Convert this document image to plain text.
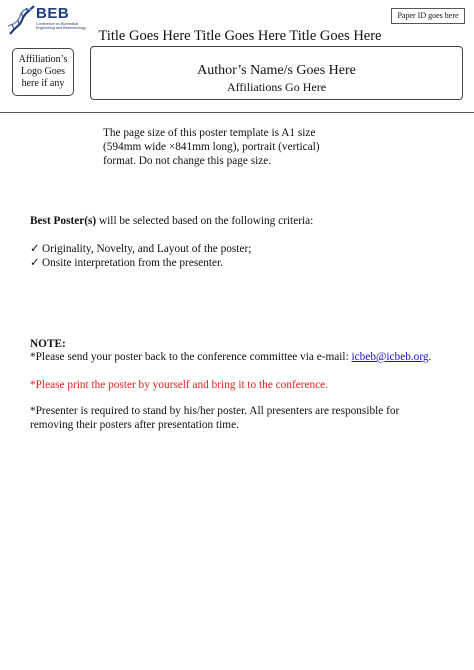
BEB
Conference on Biomedical Engineering and Biotechnology
Paper ID goes here
Title Goes Here Title Goes Here Title Goes Here
Affiliation’s
Logo Goes
here if any
Author’s Name/s Goes Here
Affiliations Go Here
The page size of this poster template is A1 size
(594mm wide ×841mm long), portrait (vertical)
format. Do not change this page size.
Best Poster(s) will be selected based on the following criteria:
✓ Originality, Novelty, and Layout of the poster;
✓ Onsite interpretation from the presenter.
NOTE:
*Please send your poster back to the conference committee via e-mail: icbeb@icbeb.org.
*Please print the poster by yourself and bring it to the conference.
*Presenter is required to stand by his/her poster. All presenters are responsible for
removing their posters after presentation time.
